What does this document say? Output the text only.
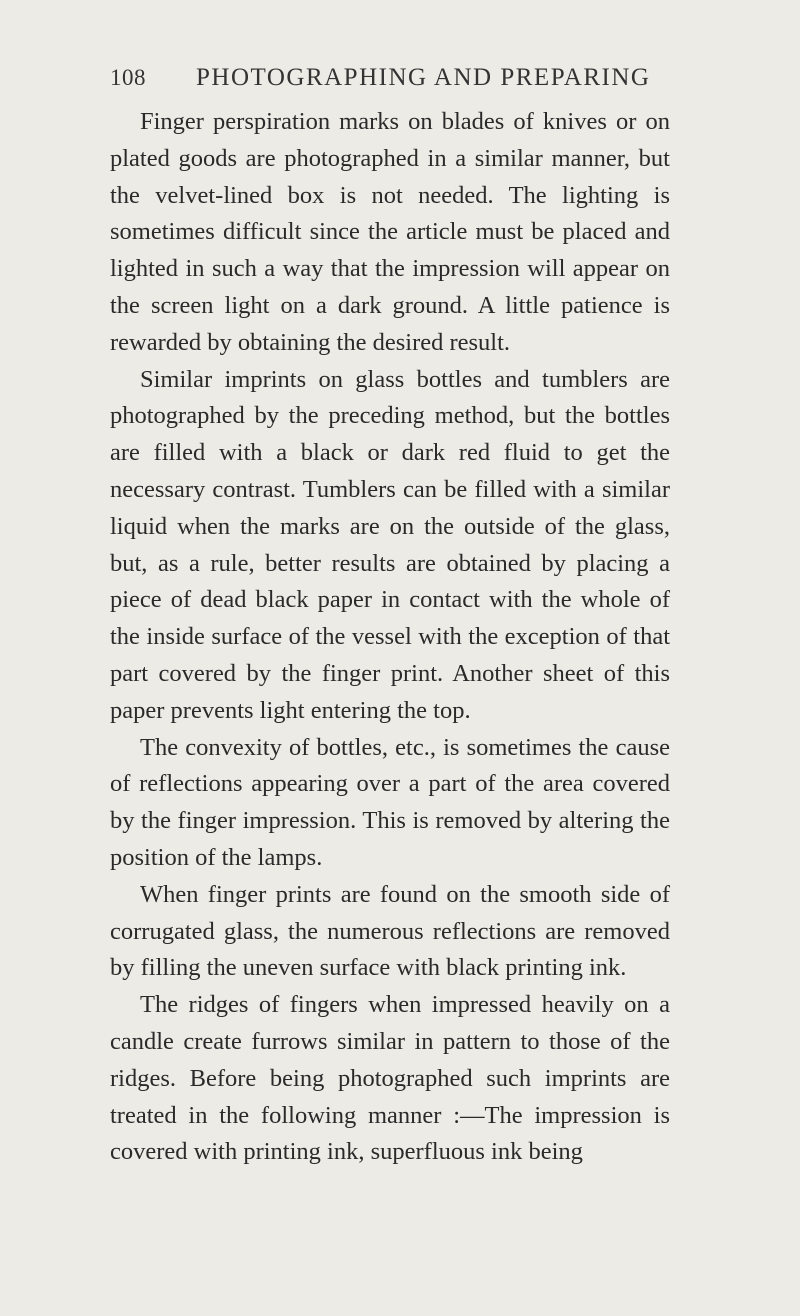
108	PHOTOGRAPHING AND PREPARING

Finger perspiration marks on blades of knives or on plated goods are photographed in a similar manner, but the velvet-lined box is not needed. The lighting is sometimes difficult since the article must be placed and lighted in such a way that the impression will appear on the screen light on a dark ground. A little patience is rewarded by obtaining the desired result.

Similar imprints on glass bottles and tumblers are photographed by the preceding method, but the bottles are filled with a black or dark red fluid to get the necessary contrast. Tumblers can be filled with a similar liquid when the marks are on the outside of the glass, but, as a rule, better results are obtained by placing a piece of dead black paper in contact with the whole of the inside surface of the vessel with the exception of that part covered by the finger print. Another sheet of this paper prevents light entering the top.

The convexity of bottles, etc., is sometimes the cause of reflections appearing over a part of the area covered by the finger impression. This is removed by altering the position of the lamps.

When finger prints are found on the smooth side of corrugated glass, the numerous reflections are removed by filling the uneven surface with black printing ink.

The ridges of fingers when impressed heavily on a candle create furrows similar in pattern to those of the ridges. Before being photographed such imprints are treated in the following manner :—The impression is covered with printing ink, superfluous ink being
